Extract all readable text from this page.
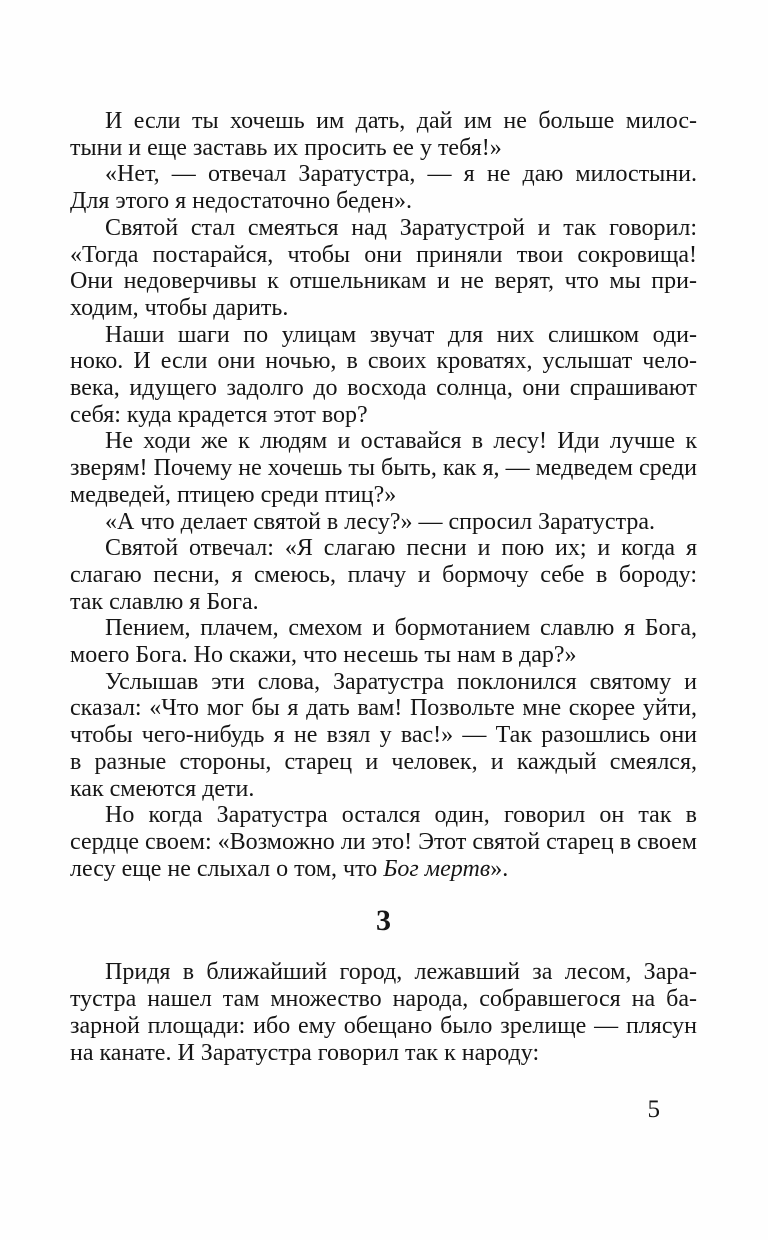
И если ты хочешь им дать, дай им не больше милос-
тыни и еще заставь их просить ее у тебя!»
«Нет, — отвечал Заратустра, — я не даю милостыни.
Для этого я недостаточно беден».
Святой стал смеяться над Заратустрой и так говорил:
«Тогда постарайся, чтобы они приняли твои сокровища!
Они недоверчивы к отшельникам и не верят, что мы при-
ходим, чтобы дарить.
Наши шаги по улицам звучат для них слишком оди-
ноко. И если они ночью, в своих кроватях, услышат чело-
века, идущего задолго до восхода солнца, они спрашивают
себя: куда крадется этот вор?
Не ходи же к людям и оставайся в лесу! Иди лучше к
зверям! Почему не хочешь ты быть, как я, — медведем среди
медведей, птицею среди птиц?»
«А что делает святой в лесу?» — спросил Заратустра.
Святой отвечал: «Я слагаю песни и пою их; и когда я
слагаю песни, я смеюсь, плачу и бормочу себе в бороду:
так славлю я Бога.
Пением, плачем, смехом и бормотанием славлю я Бога,
моего Бога. Но скажи, что несешь ты нам в дар?»
Услышав эти слова, Заратустра поклонился святому и
сказал: «Что мог бы я дать вам! Позвольте мне скорее уйти,
чтобы чего-нибудь я не взял у вас!» — Так разошлись они
в разные стороны, старец и человек, и каждый смеялся,
как смеются дети.
Но когда Заратустра остался один, говорил он так в
сердце своем: «Возможно ли это! Этот святой старец в своем
лесу еще не слыхал о том, что Бог мертв».
3
Придя в ближайший город, лежавший за лесом, Зара-
тустра нашел там множество народа, собравшегося на ба-
зарной площади: ибо ему обещано было зрелище — плясун
на канате. И Заратустра говорил так к народу:
5
